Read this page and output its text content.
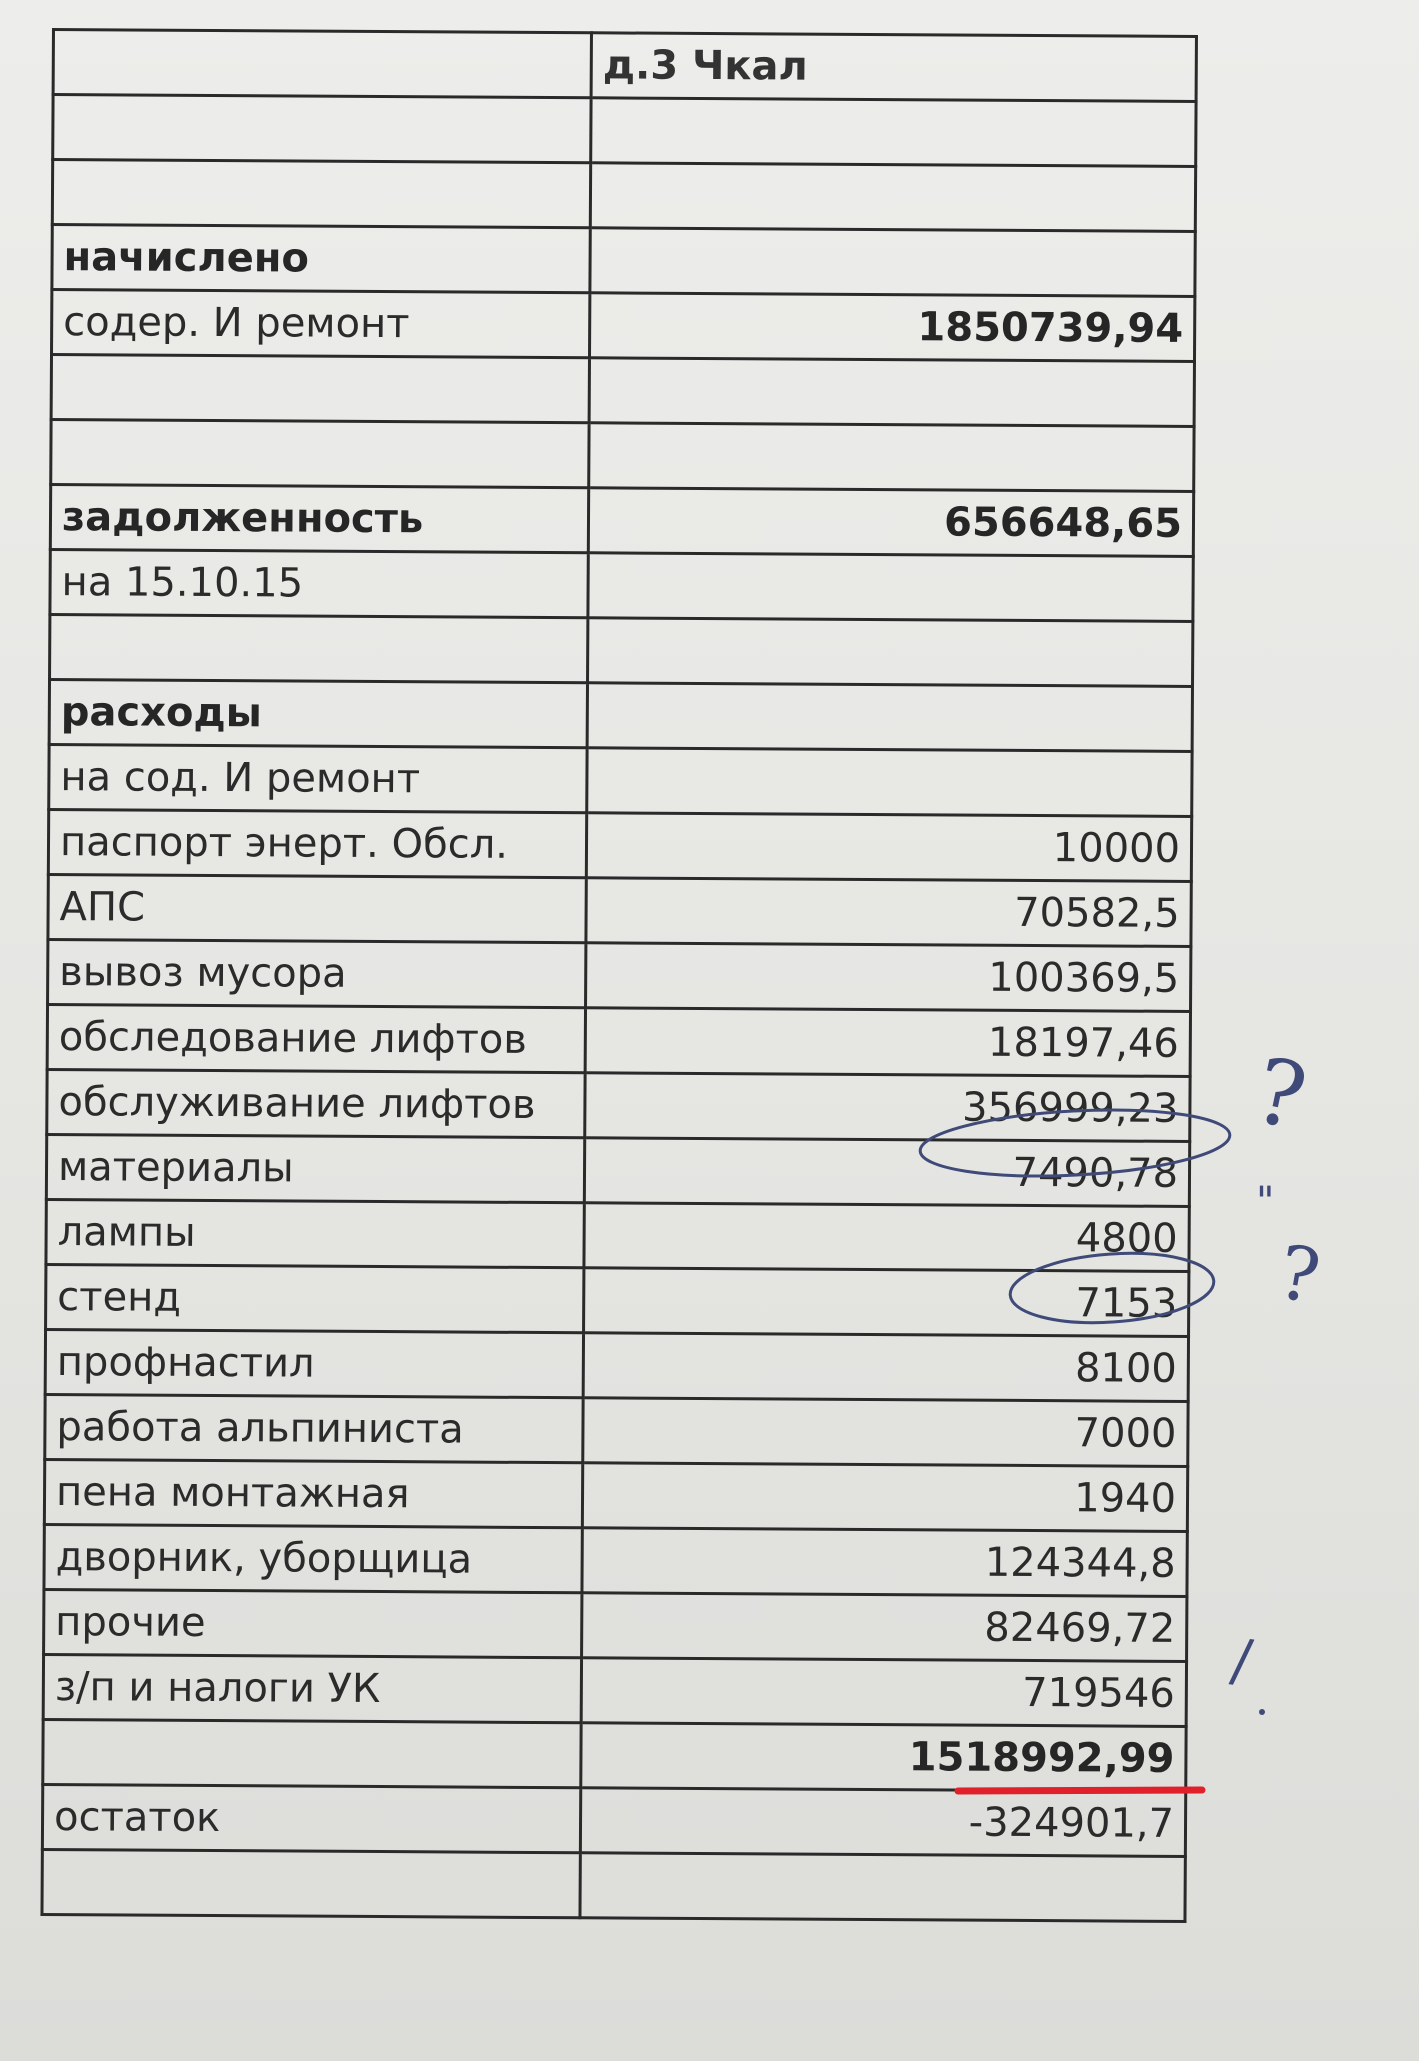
	д.3 Чкал

начислено	
содер. И ремонт	1850739,94

задолженность	656648,65
на 15.10.15	

расходы	
на сод. И ремонт	
паспорт энерт. Обсл.	10000
АПС	70582,5
вывоз мусора	100369,5
обследование лифтов	18197,46
обслуживание лифтов	356999,23
материалы	7490,78
лампы	4800
стенд	7153
профнастил	8100
работа альпиниста	7000
пена монтажная	1940
дворник, уборщица	124344,8
прочие	82469,72
з/п и налоги УК	719546
	1518992,99
остаток	-324901,7

?
"
?
/
